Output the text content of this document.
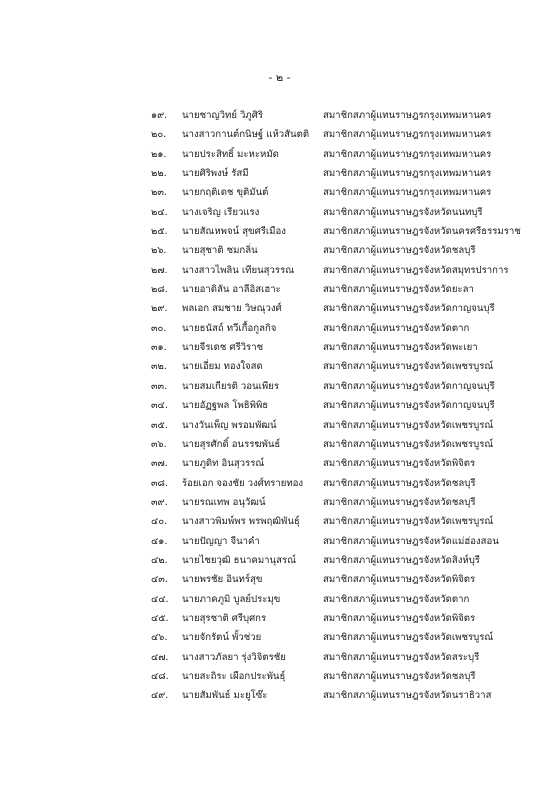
- ๒ -
๑๙. นายชาญวิทย์ วิภูศิริ	สมาชิกสภาผู้แทนราษฎรกรุงเทพมหานคร
๒๐. นางสาวกานต์กนิษฐ์ แห้วสันตติ สมาชิกสภาผู้แทนราษฎรกรุงเทพมหานคร
๒๑. นายประสิทธิ์ มะหะหมัด	สมาชิกสภาผู้แทนราษฎรกรุงเทพมหานคร
๒๒. นายศิริพงษ์ รัสมี	สมาชิกสภาผู้แทนราษฎรกรุงเทพมหานคร
๒๓. นายกฤติเดช ขุติมันต์	สมาชิกสภาผู้แทนราษฎรกรุงเทพมหานคร
๒๔. นางเจริญ เรียวแรง	สมาชิกสภาผู้แทนราษฎรจังหวัดนนทบุรี
๒๕. นายสัณหพจน์ สุขศรีเมือง	สมาชิกสภาผู้แทนราษฎรจังหวัดนครศรีธรรมราช
๒๖. นายสุชาติ ชมกลิ่น	สมาชิกสภาผู้แทนราษฎรจังหวัดชลบุรี
๒๗. นางสาวไพลิน เทียนสุวรรณ	สมาชิกสภาผู้แทนราษฎรจังหวัดสมุทรปราการ
๒๘. นายอาดิลัน อาลีอิสเฮาะ	สมาชิกสภาผู้แทนราษฎรจังหวัดยะลา
๒๙. พลเอก สมชาย วิษณุวงศ์	สมาชิกสภาผู้แทนราษฎรจังหวัดกาญจนบุรี
๓๐. นายธนัสถ์ ทวีเกื้อกูลกิจ	สมาชิกสภาผู้แทนราษฎรจังหวัดตาก
๓๑. นายจีรเดช ศรีวิราช	สมาชิกสภาผู้แทนราษฎรจังหวัดพะเยา
๓๒. นายเอี่ยม ทองใจสด	สมาชิกสภาผู้แทนราษฎรจังหวัดเพชรบูรณ์
๓๓. นายสมเกียรติ วอนเพียร	สมาชิกสภาผู้แทนราษฎรจังหวัดกาญจนบุรี
๓๔. นายอัฏฐพล โพธิพิพิธ	สมาชิกสภาผู้แทนราษฎรจังหวัดกาญจนบุรี
๓๕. นางวันเพ็ญ พรอมพัฒน์	สมาชิกสภาผู้แทนราษฎรจังหวัดเพชรบูรณ์
๓๖. นายสุรศักดิ์ อนรรฆพันธ์	สมาชิกสภาผู้แทนราษฎรจังหวัดเพชรบูรณ์
๓๗. นายภูดิท อินสุวรรณ์	สมาชิกสภาผู้แทนราษฎรจังหวัดพิจิตร
๓๘. ร้อยเอก จองชัย วงศ์ทรายทอง สมาชิกสภาผู้แทนราษฎรจังหวัดชลบุรี
๓๙. นายรณเทพ อนุวัฒน์	สมาชิกสภาผู้แทนราษฎรจังหวัดชลบุรี
๔๐. นางสาวพิมพ์พร พรพฤฒิพันธุ์ สมาชิกสภาผู้แทนราษฎรจังหวัดเพชรบูรณ์
๔๑. นายปัญญา จีนาคำ	สมาชิกสภาผู้แทนราษฎรจังหวัดแม่ฮ่องสอน
๔๒. นายไชยวุฒิ ธนาคมานุสรณ์	สมาชิกสภาผู้แทนราษฎรจังหวัดสิงห์บุรี
๔๓. นายพรชัย อินทร์สุข	สมาชิกสภาผู้แทนราษฎรจังหวัดพิจิตร
๔๔. นายภาคภูมิ บูลย์ประมุข	สมาชิกสภาผู้แทนราษฎรจังหวัดตาก
๔๕. นายสุรชาติ ศรีบุศกร	สมาชิกสภาผู้แทนราษฎรจังหวัดพิจิตร
๔๖. นายจักรัตน์ พั้วช่วย	สมาชิกสภาผู้แทนราษฎรจังหวัดเพชรบูรณ์
๔๗. นางสาวภัลยา รุ่งวิจิตรชัย	สมาชิกสภาผู้แทนราษฎรจังหวัดสระบุรี
๔๘. นายสะถิระ เผือกประพันธุ์	สมาชิกสภาผู้แทนราษฎรจังหวัดชลบุรี
๔๙. นายสัมพันธ์ มะยูโซ๊ะ	สมาชิกสภาผู้แทนราษฎรจังหวัดนราธิวาส
